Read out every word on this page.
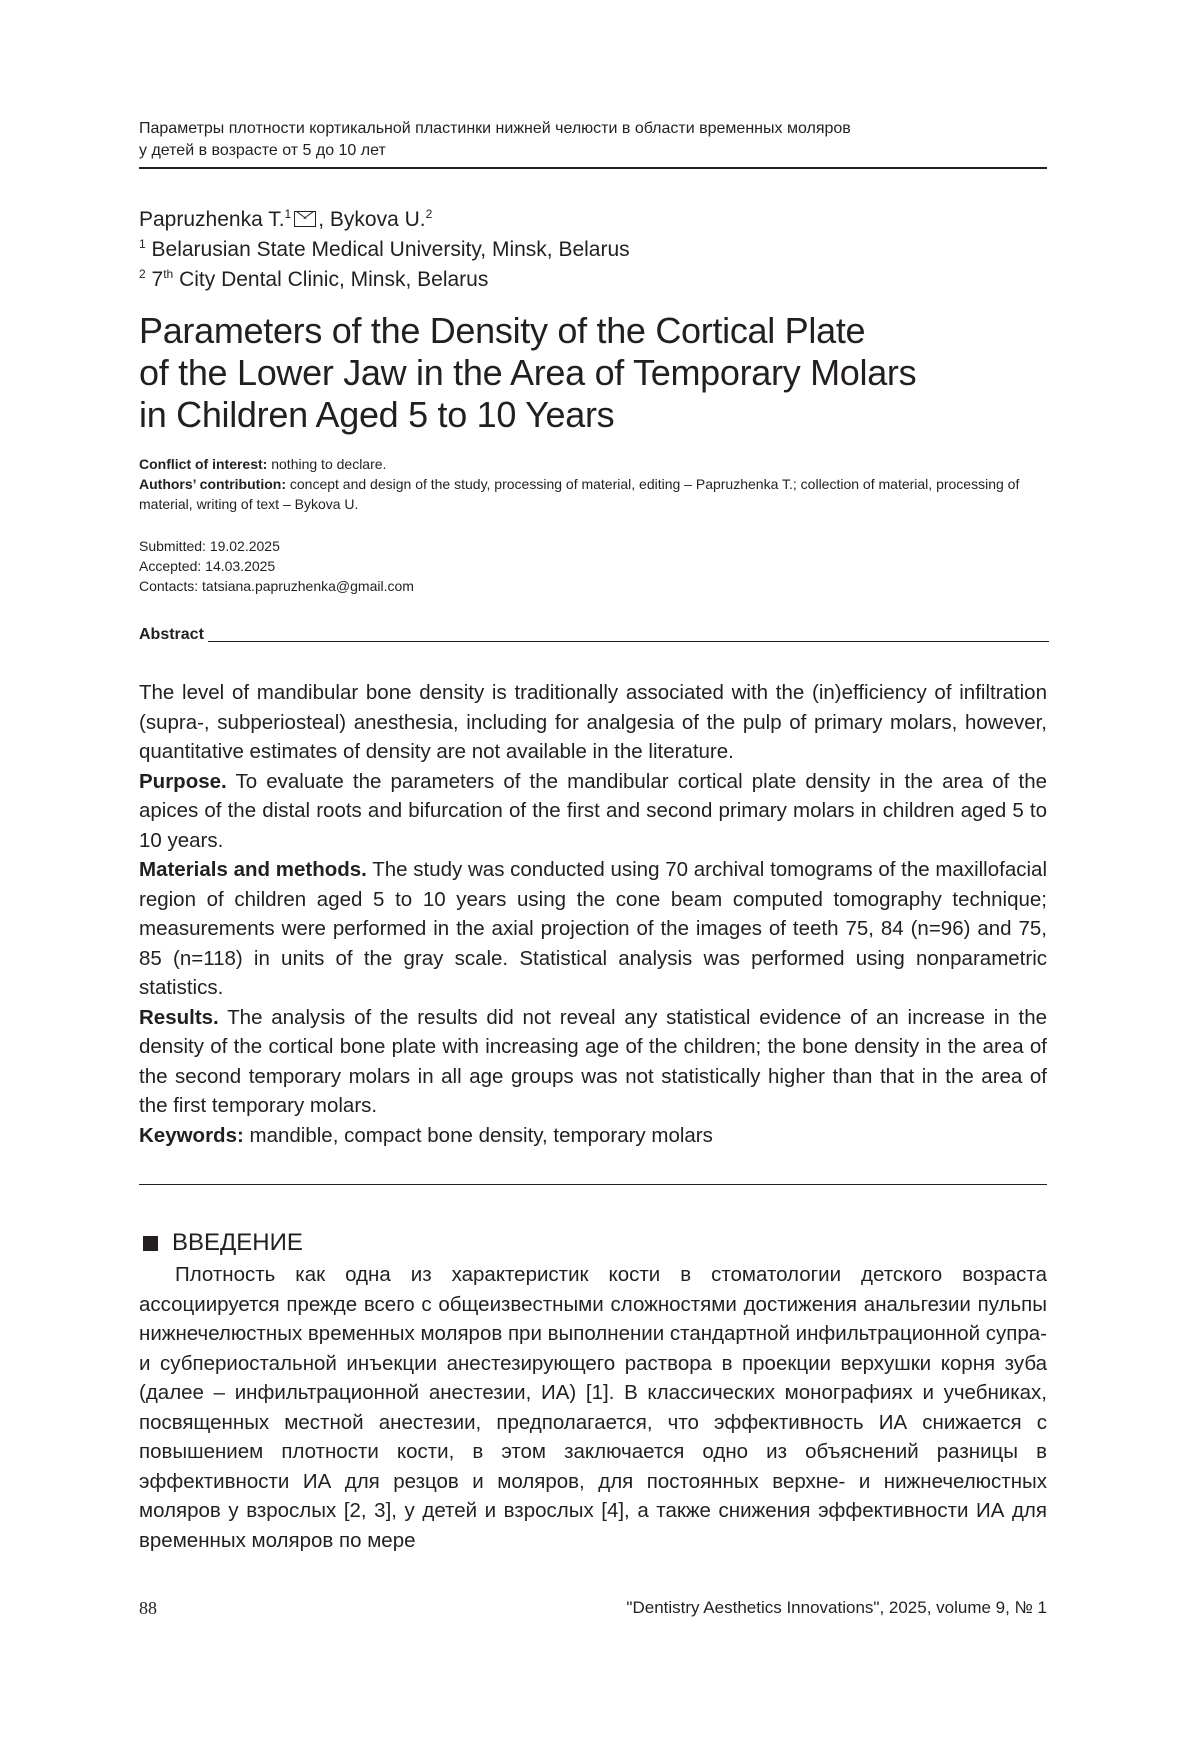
Параметры плотности кортикальной пластинки нижней челюсти в области временных моляров
у детей в возрасте от 5 до 10 лет
Papruzhenka T.$^1$ , Bykova U.$^2$
$^1$ Belarusian State Medical University, Minsk, Belarus
$^2$ 7th City Dental Clinic, Minsk, Belarus
Parameters of the Density of the Cortical Plate
of the Lower Jaw in the Area of Temporary Molars
in Children Aged 5 to 10 Years
Conflict of interest: nothing to declare.
Authors’ contribution: concept and design of the study, processing of material, editing – Papruzhenka T.; collection of material, processing of material, writing of text – Bykova U.
Submitted: 19.02.2025
Accepted: 14.03.2025
Contacts: tatsiana.papruzhenka@gmail.com
Abstract

The level of mandibular bone density is traditionally associated with the (in)efficiency of infiltration (supra-, subperiosteal) anesthesia, including for analgesia of the pulp of primary molars, however, quantitative estimates of density are not available in the literature.

Purpose. To evaluate the parameters of the mandibular cortical plate density in the area of the apices of the distal roots and bifurcation of the first and second primary molars in children aged 5 to 10 years.

Materials and methods. The study was conducted using 70 archival tomograms of the maxillofacial region of children aged 5 to 10 years using the cone beam computed tomography technique; measurements were performed in the axial projection of the images of teeth 75, 84 (n=96) and 75, 85 (n=118) in units of the gray scale. Statistical analysis was performed using nonparametric statistics.

Results. The analysis of the results did not reveal any statistical evidence of an increase in the density of the cortical bone plate with increasing age of the children; the bone density in the area of the second temporary molars in all age groups was not statistically higher than that in the area of the first temporary molars.

Keywords: mandible, compact bone density, temporary molars

ВВЕДЕНИЕ

Плотность как одна из характеристик кости в стоматологии детского возраста ассоциируется прежде всего с общеизвестными сложностями достижения анальгезии пульпы нижнечелюстных временных моляров при выполнении стандартной инфильтрационной супра- и субпериостальной инъекции анестезирующего раствора в проекции верхушки корня зуба (далее – инфильтрационной анестезии, ИА) [1]. В классических монографиях и учебниках, посвященных местной анестезии, предполагается, что эффективность ИА снижается с повышением плотности кости, в этом заключается одно из объяснений разницы в эффективности ИА для резцов и моляров, для постоянных верхне- и нижнечелюстных моляров у взрослых [2, 3], у детей и взрослых [4], а также снижения эффективности ИА для временных моляров по мере

88	"Dentistry Aesthetics Innovations", 2025, volume 9, № 1
